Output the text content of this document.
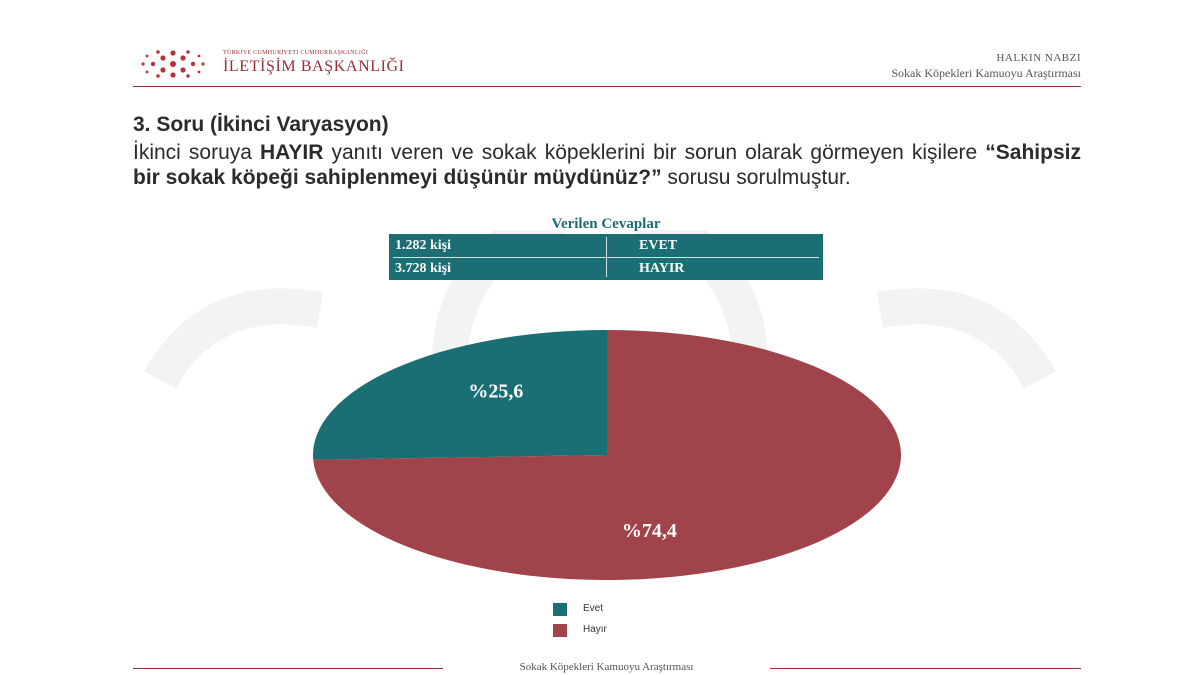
TÜRKİYE CUMHURİYETİ CUMHURBAŞKANLIĞI
İLETİŞİM BAŞKANLIĞI	HALKIN NABZI
Sokak Köpekleri Kamuoyu Araştırması
3. Soru (İkinci Varyasyon)
İkinci soruya HAYIR yanıtı veren ve sokak köpeklerini bir sorun olarak görmeyen kişilere “Sahipsiz bir sokak köpeği sahiplenmeyi düşünür müydünüz?” sorusu sorulmuştur.
Verilen Cevaplar
1.282 kişi	EVET
3.728 kişi	HAYIR
%25,6
%74,4
Evet
Hayır
Sokak Köpekleri Kamuoyu Araştırması
